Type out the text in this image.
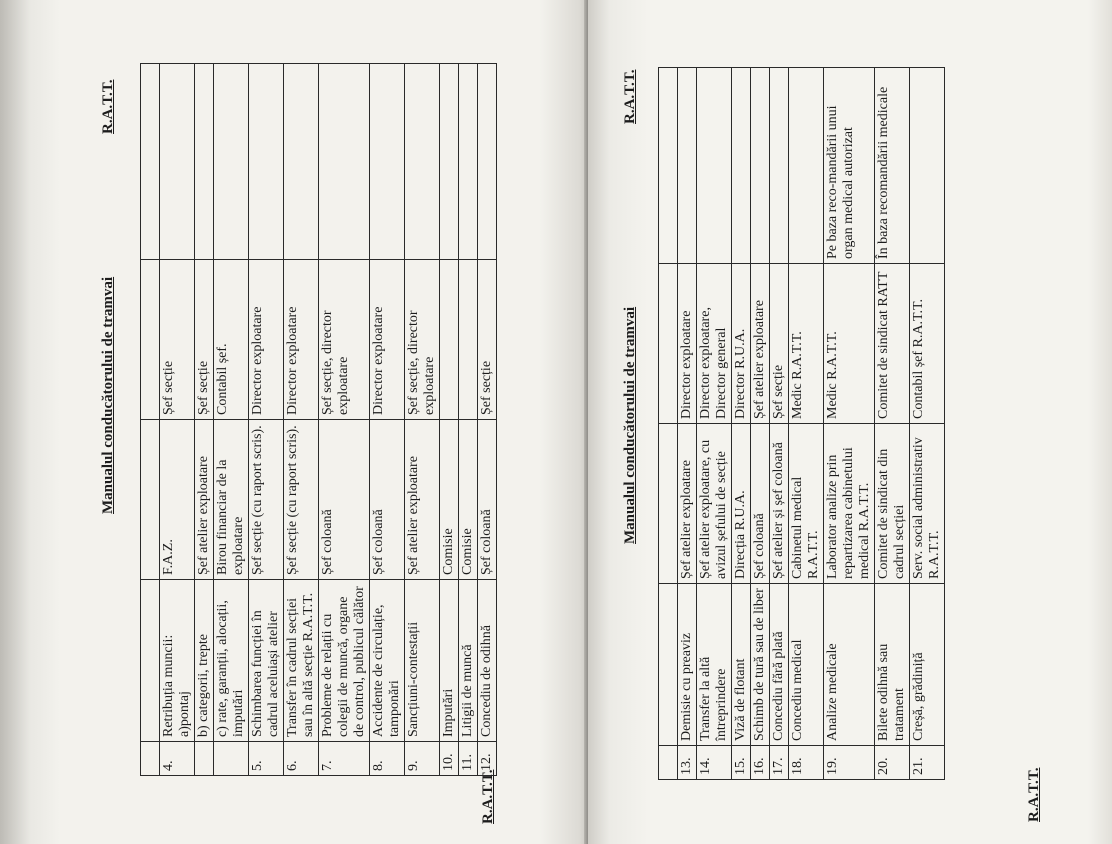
R.A.T.T.
Manualul conducătorului de tramvai
R.A.T.T.

4.	Retribuția muncii:
a)pontaj	F.A.Z.	Șef secție	
	b) categorii, trepte	Șef atelier exploatare	Șef secție	
	c) rate, garanții, alocații, imputări	Birou financiar de la exploatare	Contabil șef.	
5.	Schimbarea funcției în cadrul aceluiași atelier	Șef secție (cu raport scris).	Director exploatare	
6.	Transfer în cadrul secției sau în altă secție R.A.T.T.	Șef secție (cu raport scris).	Director exploatare	
7.	Probleme de relații cu colegii de muncă, organe de control, publicul călător	Șef coloană	Șef secție, director exploatare	
8.	Accidente de circulație, tamponări	Șef coloană	Director exploatare	
9.	Sancțiuni-contestații	Șef atelier exploatare	Șef secție, director exploatare	
10.	Imputări	Comisie		
11.	Litigii de muncă	Comisie		
12.	Concediu de odihnă	Șef coloană	Șef secție	
R.A.T.T.
Manualul conducătorului de tramvai
R.A.T.T.

13.	Demisie cu preaviz	Șef atelier exploatare	Director exploatare	
14.	Transfer la altă întreprindere	Șef atelier exploatare, cu avizul șefului de secție	Director exploatare, Director general	
15.	Viză de flotant	Direcția R.U.A.	Director R.U.A.	
16.	Schimb de tură sau de liber	Șef coloană	Șef atelier exploatare	
17.	Concediu fără plată	Șef atelier și șef coloană	Șef secție	
18.	Concediu medical	Cabinetul medical R.A.T.T.	Medic R.A.T.T.	
19.	Analize medicale	Laborator analize prin repartizarea cabinetului medical R.A.T.T.	Medic R.A.T.T.	Pe baza reco-mandării unui organ medical autorizat
20.	Bilete odihnă sau tratament	Comitet de sindicat din cadrul secției	Comitet de sindicat RATT	În baza recomandării medicale
21.	Creșă, grădiniță	Serv. social administrativ R.A.T.T.	Contabil șef R.A.T.T.	
